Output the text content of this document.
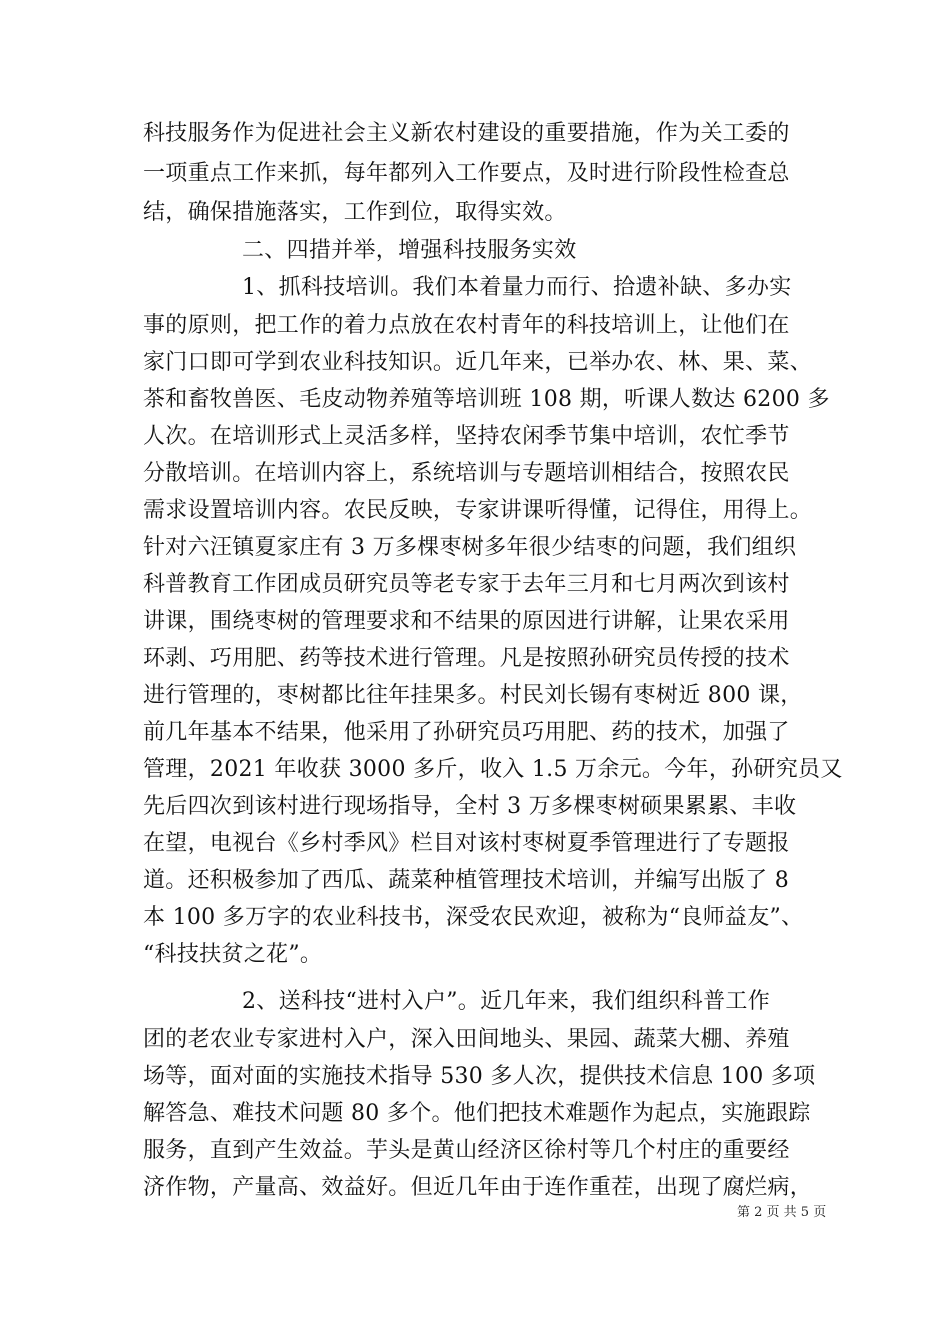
科技服务作为促进社会主义新农村建设的重要措施，作为关工委的
一项重点工作来抓，每年都列入工作要点，及时进行阶段性检查总
结，确保措施落实，工作到位，取得实效。
二、四措并举，增强科技服务实效
1、抓科技培训。我们本着量力而行、拾遗补缺、多办实
事的原则，把工作的着力点放在农村青年的科技培训上，让他们在
家门口即可学到农业科技知识。近几年来，已举办农、林、果、菜、
茶和畜牧兽医、毛皮动物养殖等培训班 108 期，听课人数达 6200 多
人次。在培训形式上灵活多样，坚持农闲季节集中培训，农忙季节
分散培训。在培训内容上，系统培训与专题培训相结合，按照农民
需求设置培训内容。农民反映，专家讲课听得懂，记得住，用得上。
针对六汪镇夏家庄有 3 万多棵枣树多年很少结枣的问题，我们组织
科普教育工作团成员研究员等老专家于去年三月和七月两次到该村
讲课，围绕枣树的管理要求和不结果的原因进行讲解，让果农采用
环剥、巧用肥、药等技术进行管理。凡是按照孙研究员传授的技术
进行管理的，枣树都比往年挂果多。村民刘长锡有枣树近 800 课，
前几年基本不结果，他采用了孙研究员巧用肥、药的技术，加强了
管理，2021 年收获 3000 多斤，收入 1.5 万余元。今年，孙研究员又
先后四次到该村进行现场指导，全村 3 万多棵枣树硕果累累、丰收
在望，电视台《乡村季风》栏目对该村枣树夏季管理进行了专题报
道。还积极参加了西瓜、蔬菜种植管理技术培训，并编写出版了 8
本 100 多万字的农业科技书，深受农民欢迎，被称为“良师益友”、
“科技扶贫之花”。
2、送科技“进村入户”。近几年来，我们组织科普工作
团的老农业专家进村入户，深入田间地头、果园、蔬菜大棚、养殖
场等，面对面的实施技术指导 530 多人次，提供技术信息 100 多项
解答急、难技术问题 80 多个。他们把技术难题作为起点，实施跟踪
服务，直到产生效益。芋头是黄山经济区徐村等几个村庄的重要经
济作物，产量高、效益好。但近几年由于连作重茬，出现了腐烂病，
第 2 页 共 5 页
